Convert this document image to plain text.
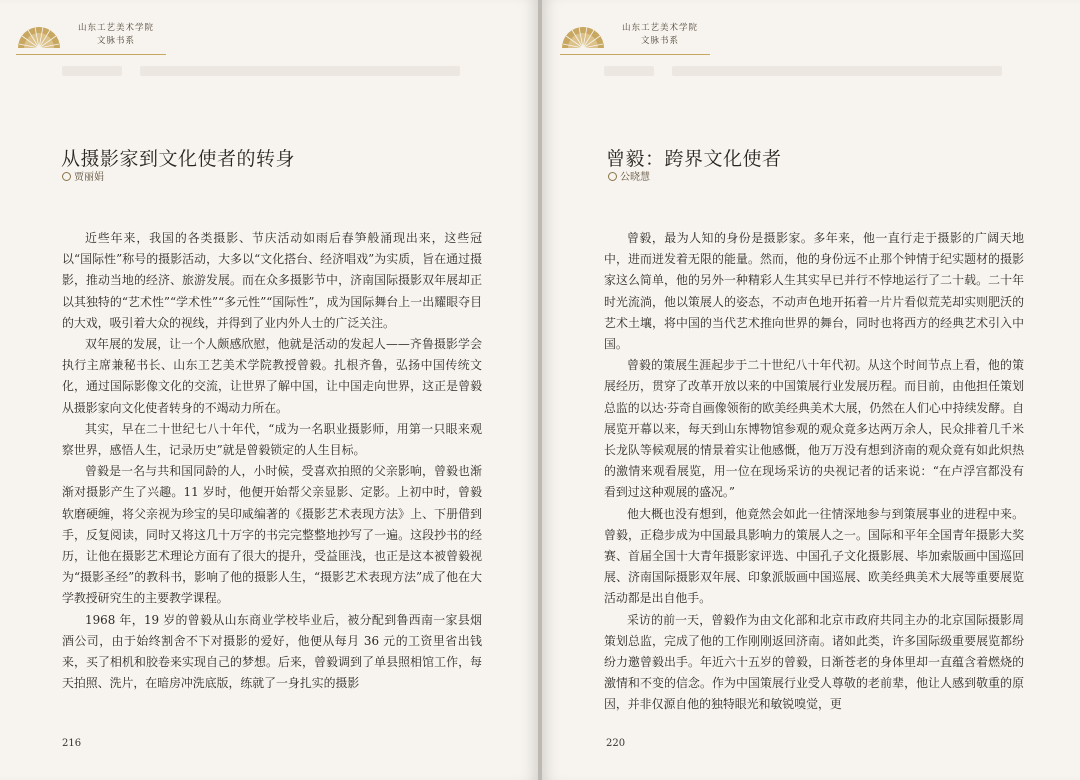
山东工艺美术学院
文脉书系
从摄影家到文化使者的转身
贾丽娟

近些年来，我国的各类摄影、节庆活动如雨后春笋般涌现出来，这些冠以“国际性”称号的摄影活动，大多以“文化搭台、经济唱戏”为实质，旨在通过摄影，推动当地的经济、旅游发展。而在众多摄影节中，济南国际摄影双年展却正以其独特的“艺术性”“学术性”“多元性”“国际性”，成为国际舞台上一出耀眼夺目的大戏，吸引着大众的视线，并得到了业内外人士的广泛关注。

双年展的发展，让一个人颇感欣慰，他就是活动的发起人——齐鲁摄影学会执行主席兼秘书长、山东工艺美术学院教授曾毅。扎根齐鲁，弘扬中国传统文化，通过国际影像文化的交流，让世界了解中国，让中国走向世界，这正是曾毅从摄影家向文化使者转身的不竭动力所在。

其实，早在二十世纪七八十年代，“成为一名职业摄影师，用第一只眼来观察世界，感悟人生，记录历史”就是曾毅锁定的人生目标。

曾毅是一名与共和国同龄的人，小时候，受喜欢拍照的父亲影响，曾毅也渐渐对摄影产生了兴趣。11 岁时，他便开始帮父亲显影、定影。上初中时，曾毅软磨硬缠，将父亲视为珍宝的吴印咸编著的《摄影艺术表现方法》上、下册借到手，反复阅读，同时又将这几十万字的书完完整整地抄写了一遍。这段抄书的经历，让他在摄影艺术理论方面有了很大的提升，受益匪浅，也正是这本被曾毅视为“摄影圣经”的教科书，影响了他的摄影人生，“摄影艺术表现方法”成了他在大学教授研究生的主要教学课程。

1968 年，19 岁的曾毅从山东商业学校毕业后，被分配到鲁西南一家县烟酒公司，由于始终割舍不下对摄影的爱好，他便从每月 36 元的工资里省出钱来，买了相机和胶卷来实现自己的梦想。后来，曾毅调到了单县照相馆工作，每天拍照、洗片，在暗房冲洗底版，练就了一身扎实的摄影

216
山东工艺美术学院
文脉书系
曾毅：跨界文化使者
公晓慧

曾毅，最为人知的身份是摄影家。多年来，他一直行走于摄影的广阔天地中，进而迸发着无限的能量。然而，他的身份远不止那个钟情于纪实题材的摄影家这么简单，他的另外一种精彩人生其实早已并行不悖地运行了二十载。二十年时光流淌，他以策展人的姿态，不动声色地开拓着一片片看似荒芜却实则肥沃的艺术土壤，将中国的当代艺术推向世界的舞台，同时也将西方的经典艺术引入中国。

曾毅的策展生涯起步于二十世纪八十年代初。从这个时间节点上看，他的策展经历，贯穿了改革开放以来的中国策展行业发展历程。而目前，由他担任策划总监的以达·芬奇自画像领衔的欧美经典美术大展，仍然在人们心中持续发酵。自展览开幕以来，每天到山东博物馆参观的观众竟多达两万余人，民众排着几千米长龙队等候观展的情景着实让他感慨，他万万没有想到济南的观众竟有如此炽热的激情来观看展览，用一位在现场采访的央视记者的话来说：“在卢浮宫都没有看到过这种观展的盛况。”

他大概也没有想到，他竟然会如此一往情深地参与到策展事业的进程中来。曾毅，正稳步成为中国最具影响力的策展人之一。国际和平年全国青年摄影大奖赛、首届全国十大青年摄影家评选、中国孔子文化摄影展、毕加索版画中国巡回展、济南国际摄影双年展、印象派版画中国巡展、欧美经典美术大展等重要展览活动都是出自他手。

采访的前一天，曾毅作为由文化部和北京市政府共同主办的北京国际摄影周策划总监，完成了他的工作刚刚返回济南。诸如此类，许多国际级重要展览都纷纷力邀曾毅出手。年近六十五岁的曾毅，日渐苍老的身体里却一直蕴含着燃烧的激情和不变的信念。作为中国策展行业受人尊敬的老前辈，他让人感到敬重的原因，并非仅源自他的独特眼光和敏锐嗅觉，更

220
